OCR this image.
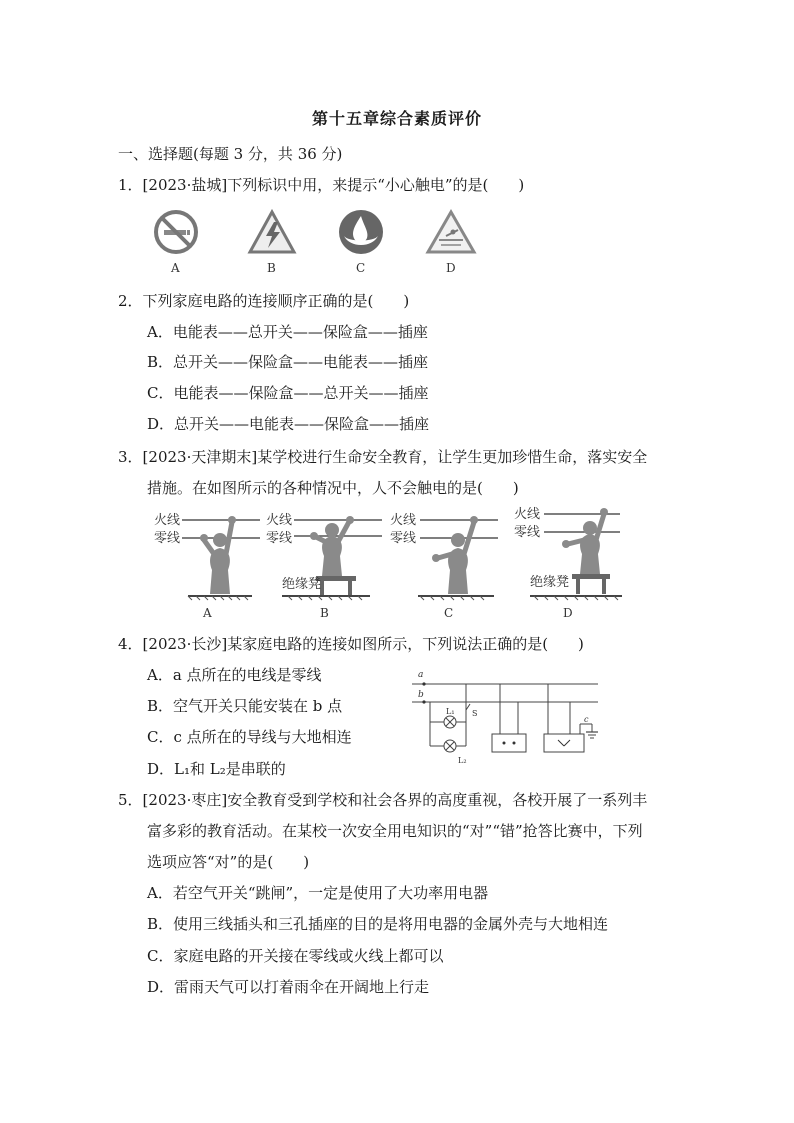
第十五章综合素质评价
一、选择题(每题 3 分，共 36 分)
1．[2023·盐城]下列标识中用，来提示“小心触电”的是(　　)
A	B	C	D
2．下列家庭电路的连接顺序正确的是(　　)
A．电能表——总开关——保险盒——插座
B．总开关——保险盒——电能表——插座
C．电能表——保险盒——总开关——插座
D．总开关——电能表——保险盒——插座
3．[2023·天津期末]某学校进行生命安全教育，让学生更加珍惜生命，落实安全
措施。在如图所示的各种情况中，人不会触电的是(　　)
火线
零线
A
火线
零线
绝缘凳
B
火线
零线
C
火线
零线
绝缘凳
D
4．[2023·长沙]某家庭电路的连接如图所示，下列说法正确的是(　　)
A．a 点所在的电线是零线
B．空气开关只能安装在 b 点
C．c 点所在的导线与大地相连
D．L₁和 L₂是串联的
a
b
L₁
L₂
S
c
5．[2023·枣庄]安全教育受到学校和社会各界的高度重视，各校开展了一系列丰
富多彩的教育活动。在某校一次安全用电知识的“对”“错”抢答比赛中，下列
选项应答“对”的是(　　)
A．若空气开关“跳闸”，一定是使用了大功率用电器
B．使用三线插头和三孔插座的目的是将用电器的金属外壳与大地相连
C．家庭电路的开关接在零线或火线上都可以
D．雷雨天气可以打着雨伞在开阔地上行走
